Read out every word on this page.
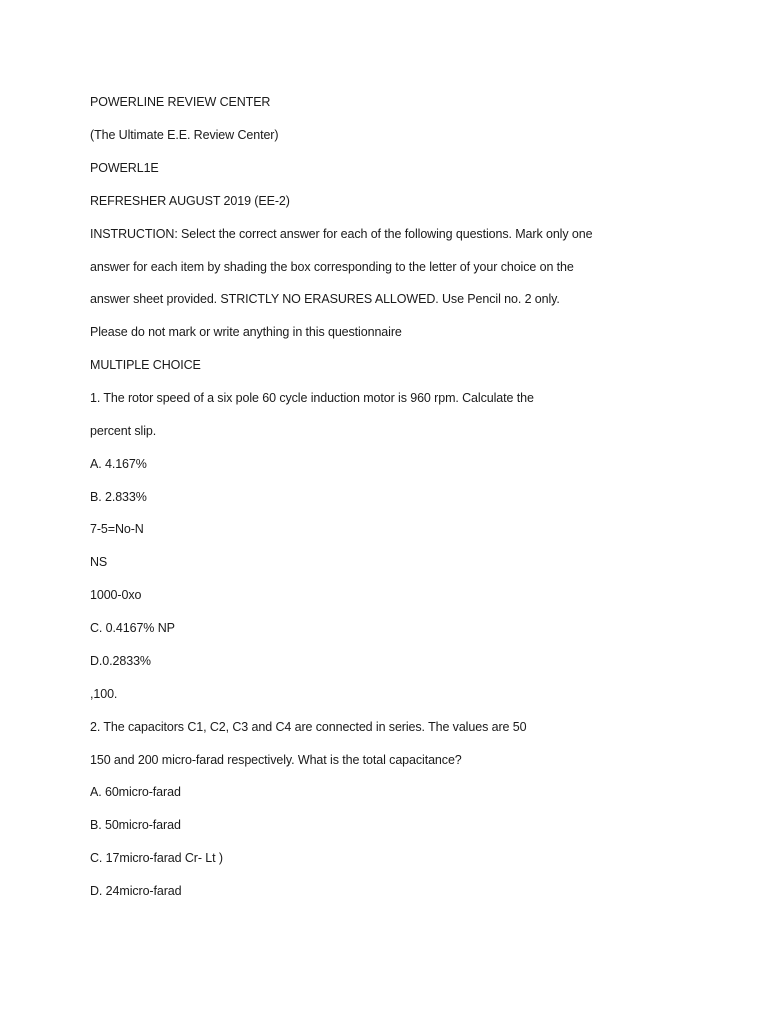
POWERLINE REVIEW CENTER

(The Ultimate E.E. Review Center)

POWERL1E

REFRESHER AUGUST 2019 (EE-2)

INSTRUCTION: Select the correct answer for each of the following questions. Mark only one

answer for each item by shading the box corresponding to the letter of your choice on the

answer sheet provided. STRICTLY NO ERASURES ALLOWED. Use Pencil no. 2 only.

Please do not mark or write anything in this questionnaire

MULTIPLE CHOICE

1. The rotor speed of a six pole 60 cycle induction motor is 960 rpm. Calculate the

percent slip.

A. 4.167%

B. 2.833%

7-5=No-N

NS

1000-0xo

C. 0.4167% NP

D.0.2833%

,100.

2. The capacitors C1, C2, C3 and C4 are connected in series. The values are 50

150 and 200 micro-farad respectively. What is the total capacitance?

A. 60micro-farad

B. 50micro-farad

C. 17micro-farad Cr- Lt )

D. 24micro-farad
